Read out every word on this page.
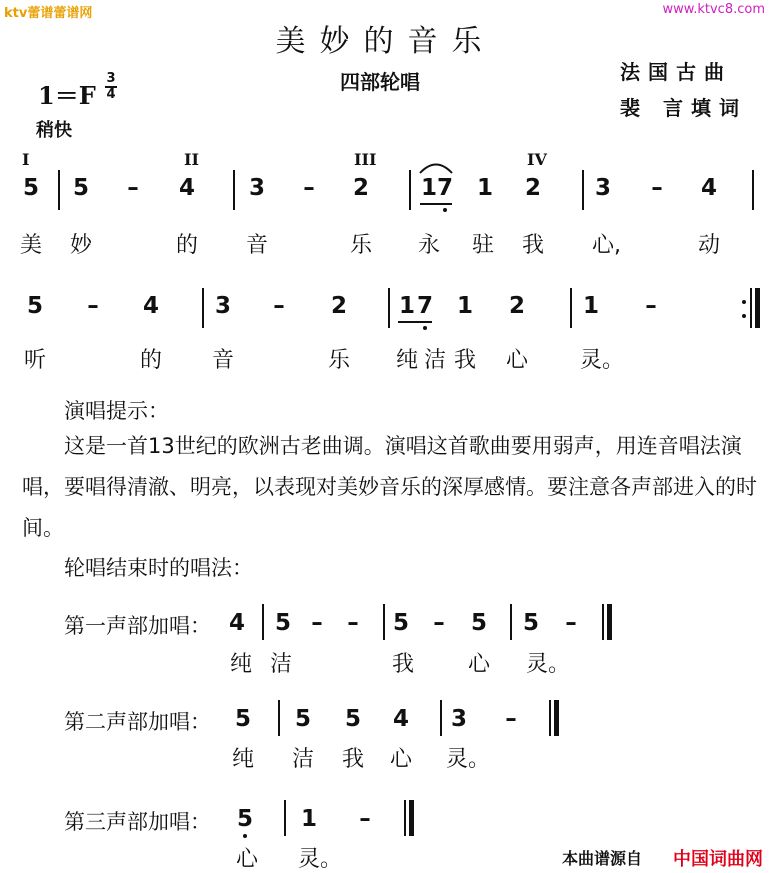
ktv蕾谱蕾谱网	www.ktvc8.com
美妙的音乐
四部轮唱	法国古曲
裴 言填词
1＝F
3
4
稍快
I	II	III	IV
5 5 – 4 3 – 2 1 7 1 2 3 – 4
美 妙	的 音	乐 永 驻 我 心,	动
5 – 4 3 – 2 1 7 1 2	1 –
听	的 音	乐 纯 洁 我 心 灵。
演唱提示：
这是一首13世纪的欧洲古老曲调。演唱这首歌曲要用弱声，用连音唱法演唱，要唱得清澈、明亮，以表现对美妙音乐的深厚感情。要注意各声部进入的时间。
轮唱结束时的唱法：
第一声部加唱： 4 5 – – 5 – 5 5 –
纯 洁	我 心 灵。
第二声部加唱： 5 5 5 4 3 –
纯 洁 我 心 灵。
第三声部加唱： 5 1 –
心 灵。	本曲谱源自 中国词曲网
